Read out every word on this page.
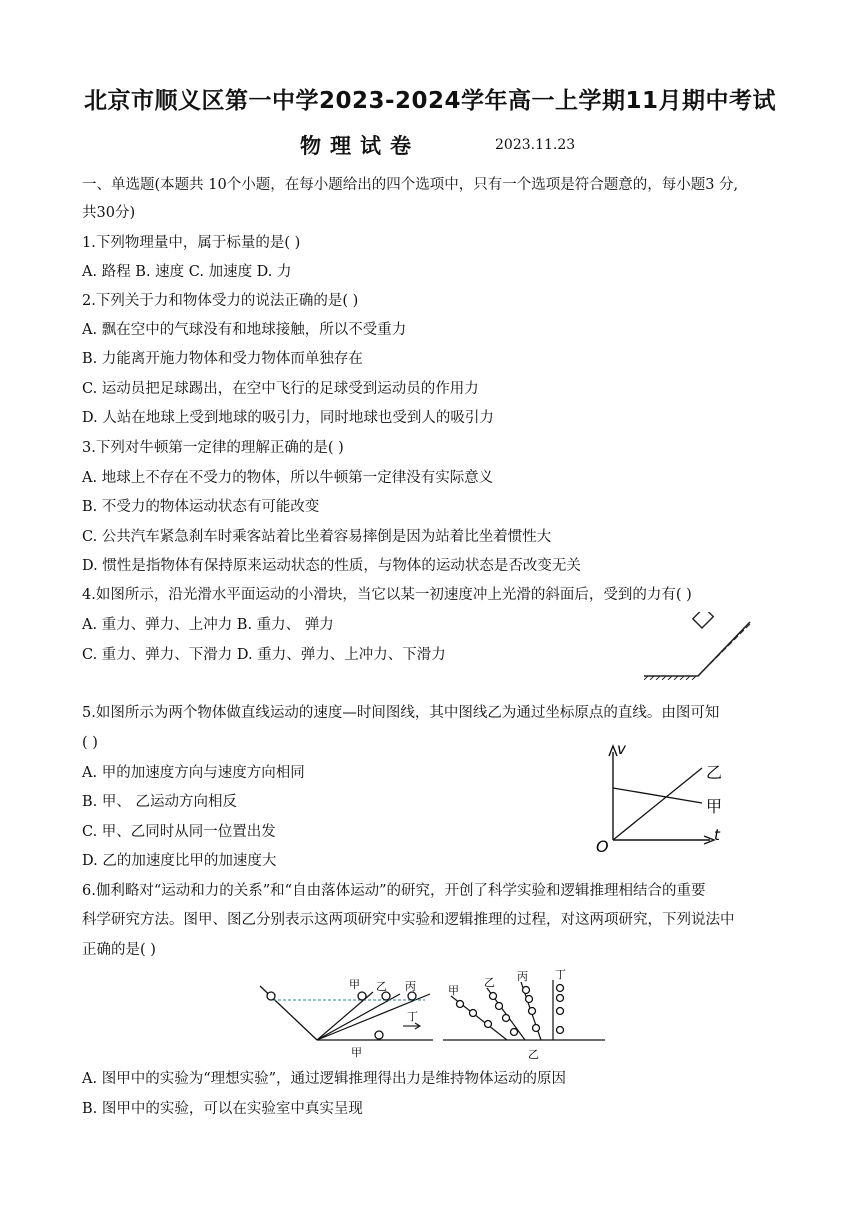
北京市顺义区第一中学2023-2024学年高一上学期11月期中考试
物理试卷	2023.11.23
一、单选题(本题共 10个小题，在每小题给出的四个选项中，只有一个选项是符合题意的，每小题3 分,
共30分)
1.下列物理量中，属于标量的是( )
A. 路程 B. 速度 C. 加速度 D. 力
2.下列关于力和物体受力的说法正确的是( )
A. 飘在空中的气球没有和地球接触，所以不受重力
B. 力能离开施力物体和受力物体而单独存在
C. 运动员把足球踢出，在空中飞行的足球受到运动员的作用力
D. 人站在地球上受到地球的吸引力，同时地球也受到人的吸引力
3.下列对牛顿第一定律的理解正确的是( )
A. 地球上不存在不受力的物体，所以牛顿第一定律没有实际意义
B. 不受力的物体运动状态有可能改变
C. 公共汽车紧急刹车时乘客站着比坐着容易摔倒是因为站着比坐着惯性大
D. 惯性是指物体有保持原来运动状态的性质，与物体的运动状态是否改变无关
4.如图所示，沿光滑水平面运动的小滑块，当它以某一初速度冲上光滑的斜面后，受到的力有( )
A. 重力、弹力、上冲力 B. 重力、 弹力
C. 重力、弹力、下滑力 D. 重力、弹力、上冲力、下滑力
5.如图所示为两个物体做直线运动的速度—时间图线，其中图线乙为通过坐标原点的直线。由图可知
( )
A. 甲的加速度方向与速度方向相同
B. 甲、 乙运动方向相反
C. 甲、乙同时从同一位置出发
D. 乙的加速度比甲的加速度大
v
t
O
乙
甲
6.伽利略对“运动和力的关系”和“自由落体运动”的研究，开创了科学实验和逻辑推理相结合的重要
科学研究方法。图甲、图乙分别表示这两项研究中实验和逻辑推理的过程，对这两项研究，下列说法中
正确的是( )
甲 乙 丙
丁
甲
甲
乙 丙 丁
乙
A. 图甲中的实验为“理想实验”，通过逻辑推理得出力是维持物体运动的原因
B. 图甲中的实验，可以在实验室中真实呈现
